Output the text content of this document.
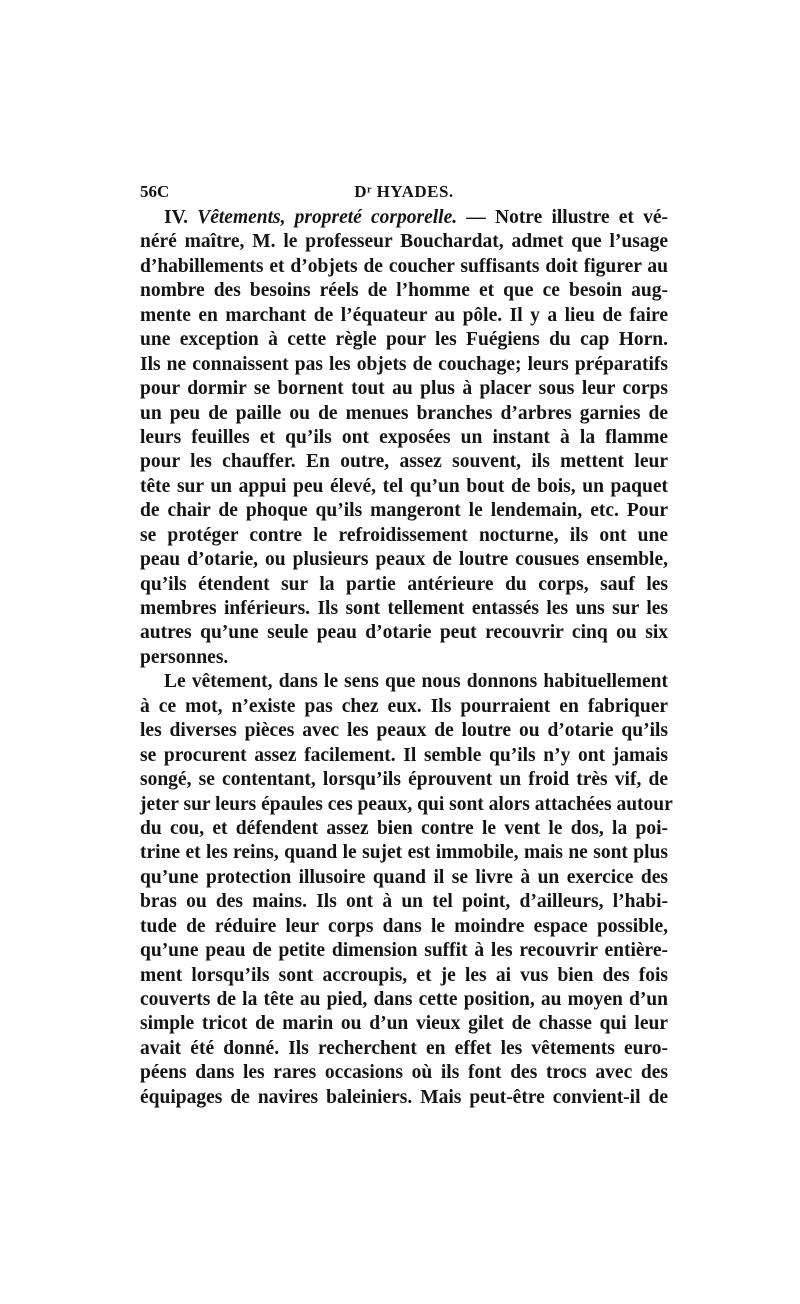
56C	Dʳ HYADES.
IV. Vêtements, propreté corporelle. — Notre illustre et vé-
néré maître, M. le professeur Bouchardat, admet que l’usage
d’habillements et d’objets de coucher suffisants doit figurer au
nombre des besoins réels de l’homme et que ce besoin aug-
mente en marchant de l’équateur au pôle. Il y a lieu de faire
une exception à cette règle pour les Fuégiens du cap Horn.
Ils ne connaissent pas les objets de couchage; leurs préparatifs
pour dormir se bornent tout au plus à placer sous leur corps
un peu de paille ou de menues branches d’arbres garnies de
leurs feuilles et qu’ils ont exposées un instant à la flamme
pour les chauffer. En outre, assez souvent, ils mettent leur
tête sur un appui peu élevé, tel qu’un bout de bois, un paquet
de chair de phoque qu’ils mangeront le lendemain, etc. Pour
se protéger contre le refroidissement nocturne, ils ont une
peau d’otarie, ou plusieurs peaux de loutre cousues ensemble,
qu’ils étendent sur la partie antérieure du corps, sauf les
membres inférieurs. Ils sont tellement entassés les uns sur les
autres qu’une seule peau d’otarie peut recouvrir cinq ou six
personnes.
Le vêtement, dans le sens que nous donnons habituellement
à ce mot, n’existe pas chez eux. Ils pourraient en fabriquer
les diverses pièces avec les peaux de loutre ou d’otarie qu’ils
se procurent assez facilement. Il semble qu’ils n’y ont jamais
songé, se contentant, lorsqu’ils éprouvent un froid très vif, de
jeter sur leurs épaules ces peaux, qui sont alors attachées autour
du cou, et défendent assez bien contre le vent le dos, la poi-
trine et les reins, quand le sujet est immobile, mais ne sont plus
qu’une protection illusoire quand il se livre à un exercice des
bras ou des mains. Ils ont à un tel point, d’ailleurs, l’habi-
tude de réduire leur corps dans le moindre espace possible,
qu’une peau de petite dimension suffit à les recouvrir entière-
ment lorsqu’ils sont accroupis, et je les ai vus bien des fois
couverts de la tête au pied, dans cette position, au moyen d’un
simple tricot de marin ou d’un vieux gilet de chasse qui leur
avait été donné. Ils recherchent en effet les vêtements euro-
péens dans les rares occasions où ils font des trocs avec des
équipages de navires baleiniers. Mais peut-être convient-il de
